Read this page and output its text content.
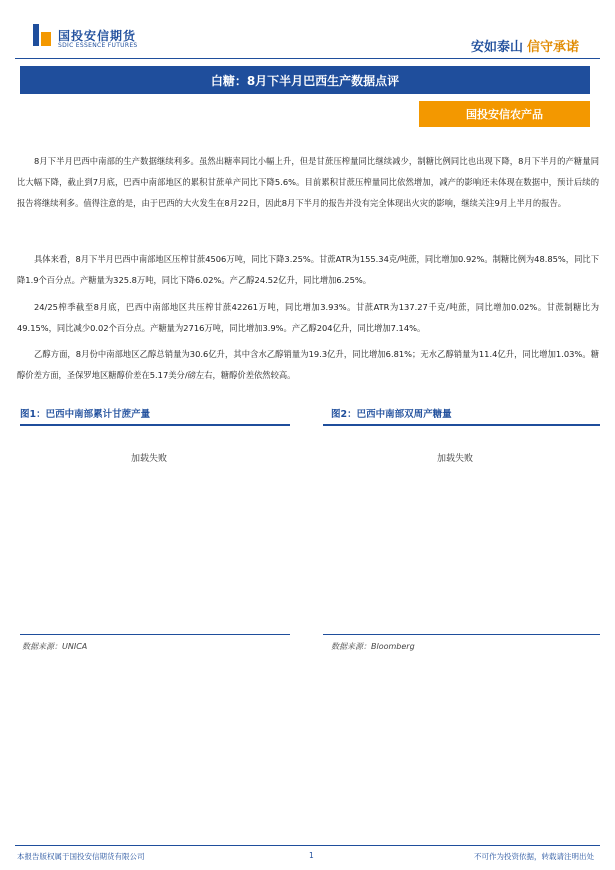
国投安信期货
SDIC ESSENCE FUTURES	安如泰山 信守承诺
白糖：8月下半月巴西生产数据点评
国投安信农产品
8月下半月巴西中南部的生产数据继续利多。虽然出糖率同比小幅上升，但是甘蔗压榨量同比继续减少，制糖比例同比也出现下降，8月下半月的产糖量同比大幅下降，截止到7月底，巴西中南部地区的累积甘蔗单产同比下降5.6%。目前累积甘蔗压榨量同比依然增加，减产的影响还未体现在数据中，预计后续的报告将继续利多。值得注意的是，由于巴西的大火发生在8月22日，因此8月下半月的报告并没有完全体现出火灾的影响，继续关注9月上半月的报告。
具体来看，8月下半月巴西中南部地区压榨甘蔗4506万吨，同比下降3.25%。甘蔗ATR为155.34克/吨蔗，同比增加0.92%。制糖比例为48.85%，同比下降1.9个百分点。产糖量为325.8万吨，同比下降6.02%。产乙醇24.52亿升，同比增加6.25%。
24/25榨季截至8月底，巴西中南部地区共压榨甘蔗42261万吨，同比增加3.93%。甘蔗ATR为137.27千克/吨蔗，同比增加0.02%。甘蔗制糖比为49.15%，同比减少0.02个百分点。产糖量为2716万吨，同比增加3.9%。产乙醇204亿升，同比增加7.14%。
乙醇方面，8月份中南部地区乙醇总销量为30.6亿升，其中含水乙醇销量为19.3亿升，同比增加6.81%；无水乙醇销量为11.4亿升，同比增加1.03%。糖醇价差方面，圣保罗地区糖醇价差在5.17美分/磅左右，糖醇价差依然较高。
图1：巴西中南部累计甘蔗产量
加载失败
数据来源：UNICA
图2：巴西中南部双周产糖量
加载失败
数据来源：Bloomberg
本报告版权属于国投安信期货有限公司	1	不可作为投资依据，转载请注明出处
